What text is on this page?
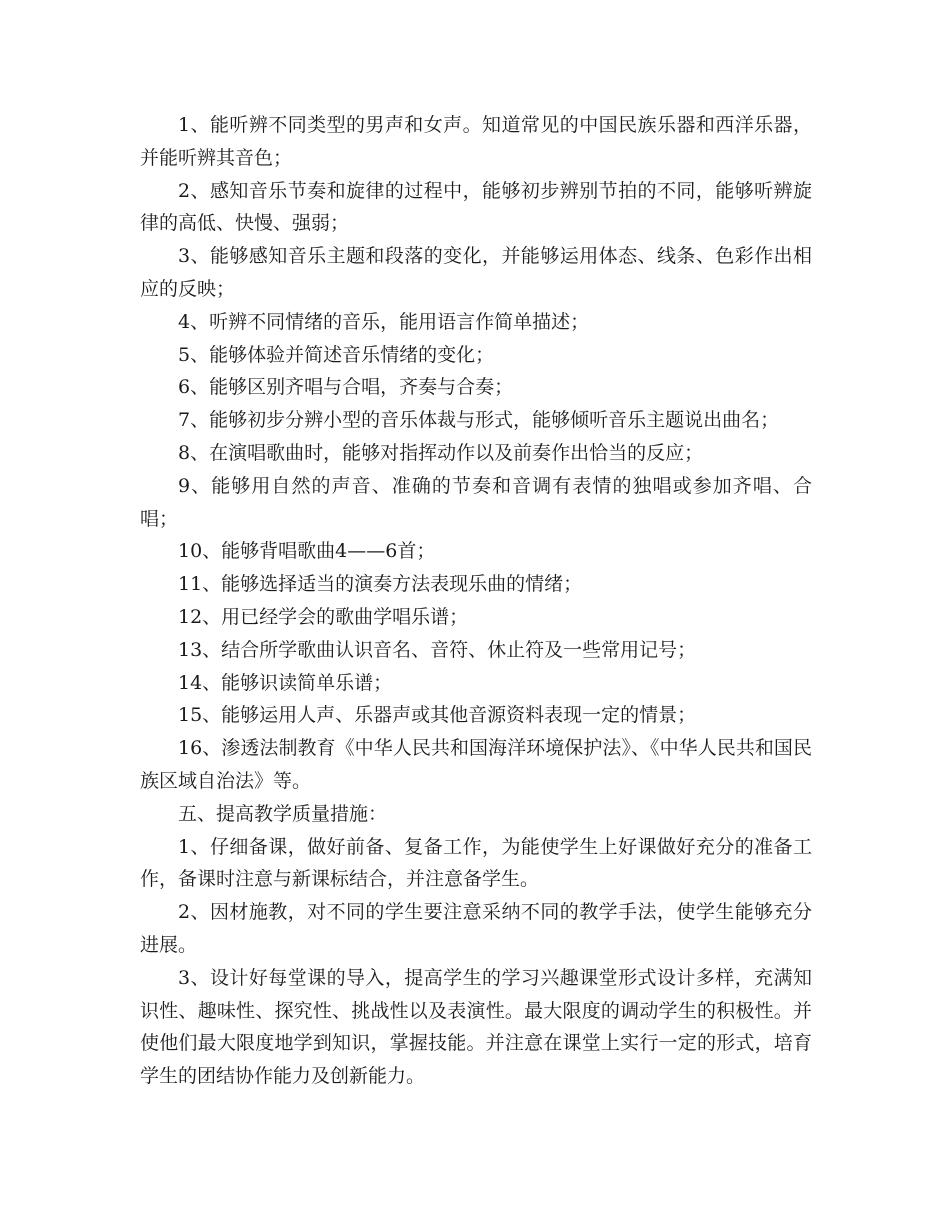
1、能听辨不同类型的男声和女声。知道常见的中国民族乐器和西洋乐器，并能听辨其音色；

2、感知音乐节奏和旋律的过程中，能够初步辨别节拍的不同，能够听辨旋律的高低、快慢、强弱；

3、能够感知音乐主题和段落的变化，并能够运用体态、线条、色彩作出相应的反映；

4、听辨不同情绪的音乐，能用语言作简单描述；

5、能够体验并简述音乐情绪的变化；

6、能够区别齐唱与合唱，齐奏与合奏；

7、能够初步分辨小型的音乐体裁与形式，能够倾听音乐主题说出曲名；

8、在演唱歌曲时，能够对指挥动作以及前奏作出恰当的反应；

9、能够用自然的声音、准确的节奏和音调有表情的独唱或参加齐唱、合唱；

10、能够背唱歌曲4——6首；

11、能够选择适当的演奏方法表现乐曲的情绪；

12、用已经学会的歌曲学唱乐谱；

13、结合所学歌曲认识音名、音符、休止符及一些常用记号；

14、能够识读简单乐谱；

15、能够运用人声、乐器声或其他音源资料表现一定的情景；

16、渗透法制教育《中华人民共和国海洋环境保护法》、《中华人民共和国民族区域自治法》等。

五、提高教学质量措施：

1、仔细备课，做好前备、复备工作，为能使学生上好课做好充分的准备工作，备课时注意与新课标结合，并注意备学生。

2、因材施教，对不同的学生要注意采纳不同的教学手法，使学生能够充分进展。

3、设计好每堂课的导入，提高学生的学习兴趣课堂形式设计多样，充满知识性、趣味性、探究性、挑战性以及表演性。最大限度的调动学生的积极性。并使他们最大限度地学到知识，掌握技能。并注意在课堂上实行一定的形式，培育学生的团结协作能力及创新能力。
